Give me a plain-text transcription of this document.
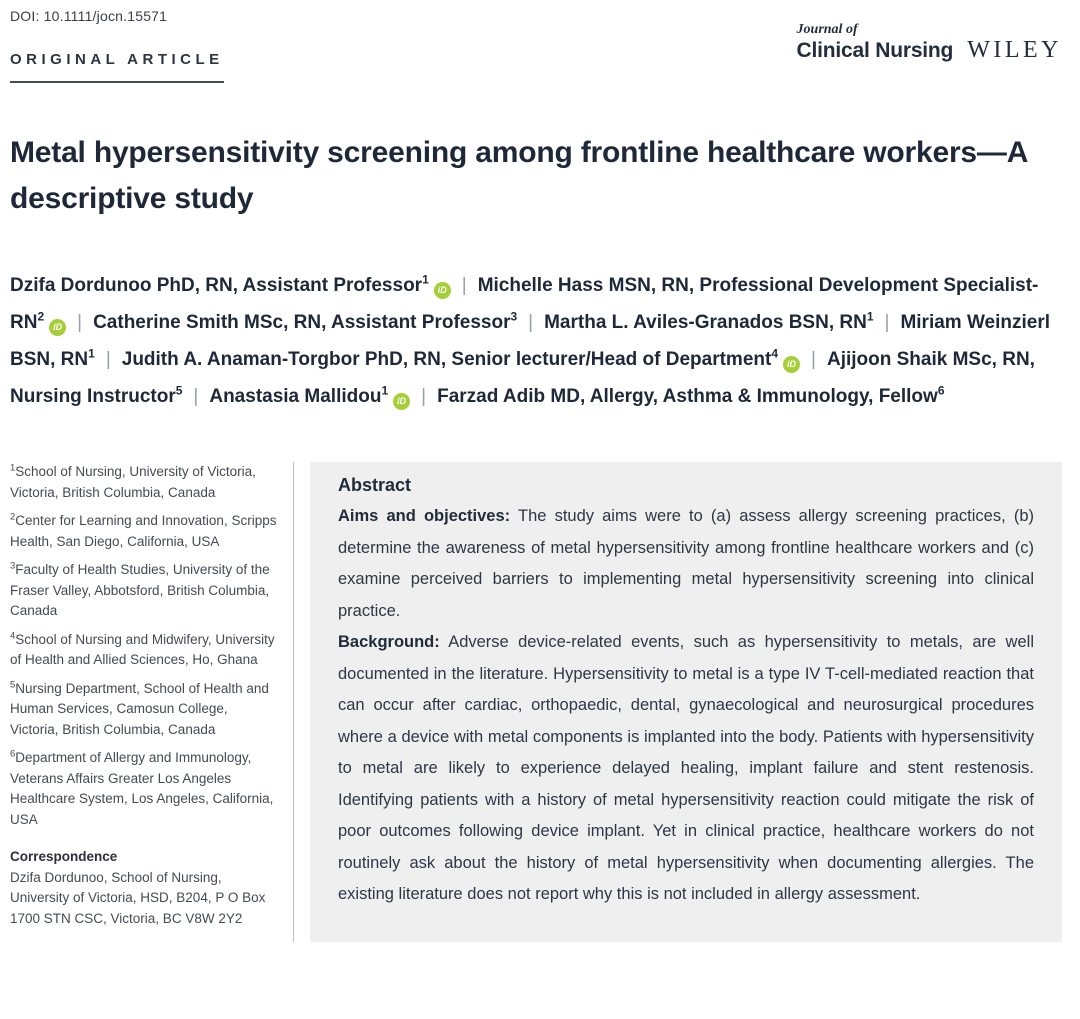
DOI: 10.1111/jocn.15571
ORIGINAL ARTICLE
Journal of
Clinical Nursing WILEY
Metal hypersensitivity screening among frontline healthcare workers—A descriptive study

Dzifa Dordunoo PhD, RN, Assistant Professor$^1$iD | Michelle Hass MSN, RN, Professional Development Specialist-$RN^2iD$ | Catherine Smith MSc, RN, Assistant Professor$^3$ | Martha L. Aviles-Granados BSN, $RN^1$ | Miriam Weinzierl BSN, $RN^1$ | Judith A. Anaman-Torgbor PhD, RN, Senior lecturer/Head of Department$^4$iD | Ajijoon Shaik MSc, RN, Nursing Instructor$^5$ | Anastasia Mallidou$^1$iD | Farzad Adib MD, Allergy, Asthma & Immunology, Fellow$^6$

$^1$School of Nursing, University of Victoria, Victoria, British Columbia, Canada

$^2$Center for Learning and Innovation, Scripps Health, San Diego, California, USA

$^3$Faculty of Health Studies, University of the Fraser Valley, Abbotsford, British Columbia, Canada

$^4$School of Nursing and Midwifery, University of Health and Allied Sciences, Ho, Ghana

$^5$Nursing Department, School of Health and Human Services, Camosun College, Victoria, British Columbia, Canada

$^6$Department of Allergy and Immunology, Veterans Affairs Greater Los Angeles Healthcare System, Los Angeles, California, USA

Correspondence
Dzifa Dordunoo, School of Nursing, University of Victoria, HSD, B204, P O Box 1700 STN CSC, Victoria, BC V8W 2Y2
Abstract

Aims and objectives: The study aims were to (a) assess allergy screening practices, (b) determine the awareness of metal hypersensitivity among frontline healthcare workers and (c) examine perceived barriers to implementing metal hypersensitivity screening into clinical practice.

Background: Adverse device-related events, such as hypersensitivity to metals, are well documented in the literature. Hypersensitivity to metal is a type IV T-cell-mediated reaction that can occur after cardiac, orthopaedic, dental, gynaecological and neurosurgical procedures where a device with metal components is implanted into the body. Patients with hypersensitivity to metal are likely to experience delayed healing, implant failure and stent restenosis. Identifying patients with a history of metal hypersensitivity reaction could mitigate the risk of poor outcomes following device implant. Yet in clinical practice, healthcare workers do not routinely ask about the history of metal hypersensitivity when documenting allergies. The existing literature does not report why this is not included in allergy assessment.
